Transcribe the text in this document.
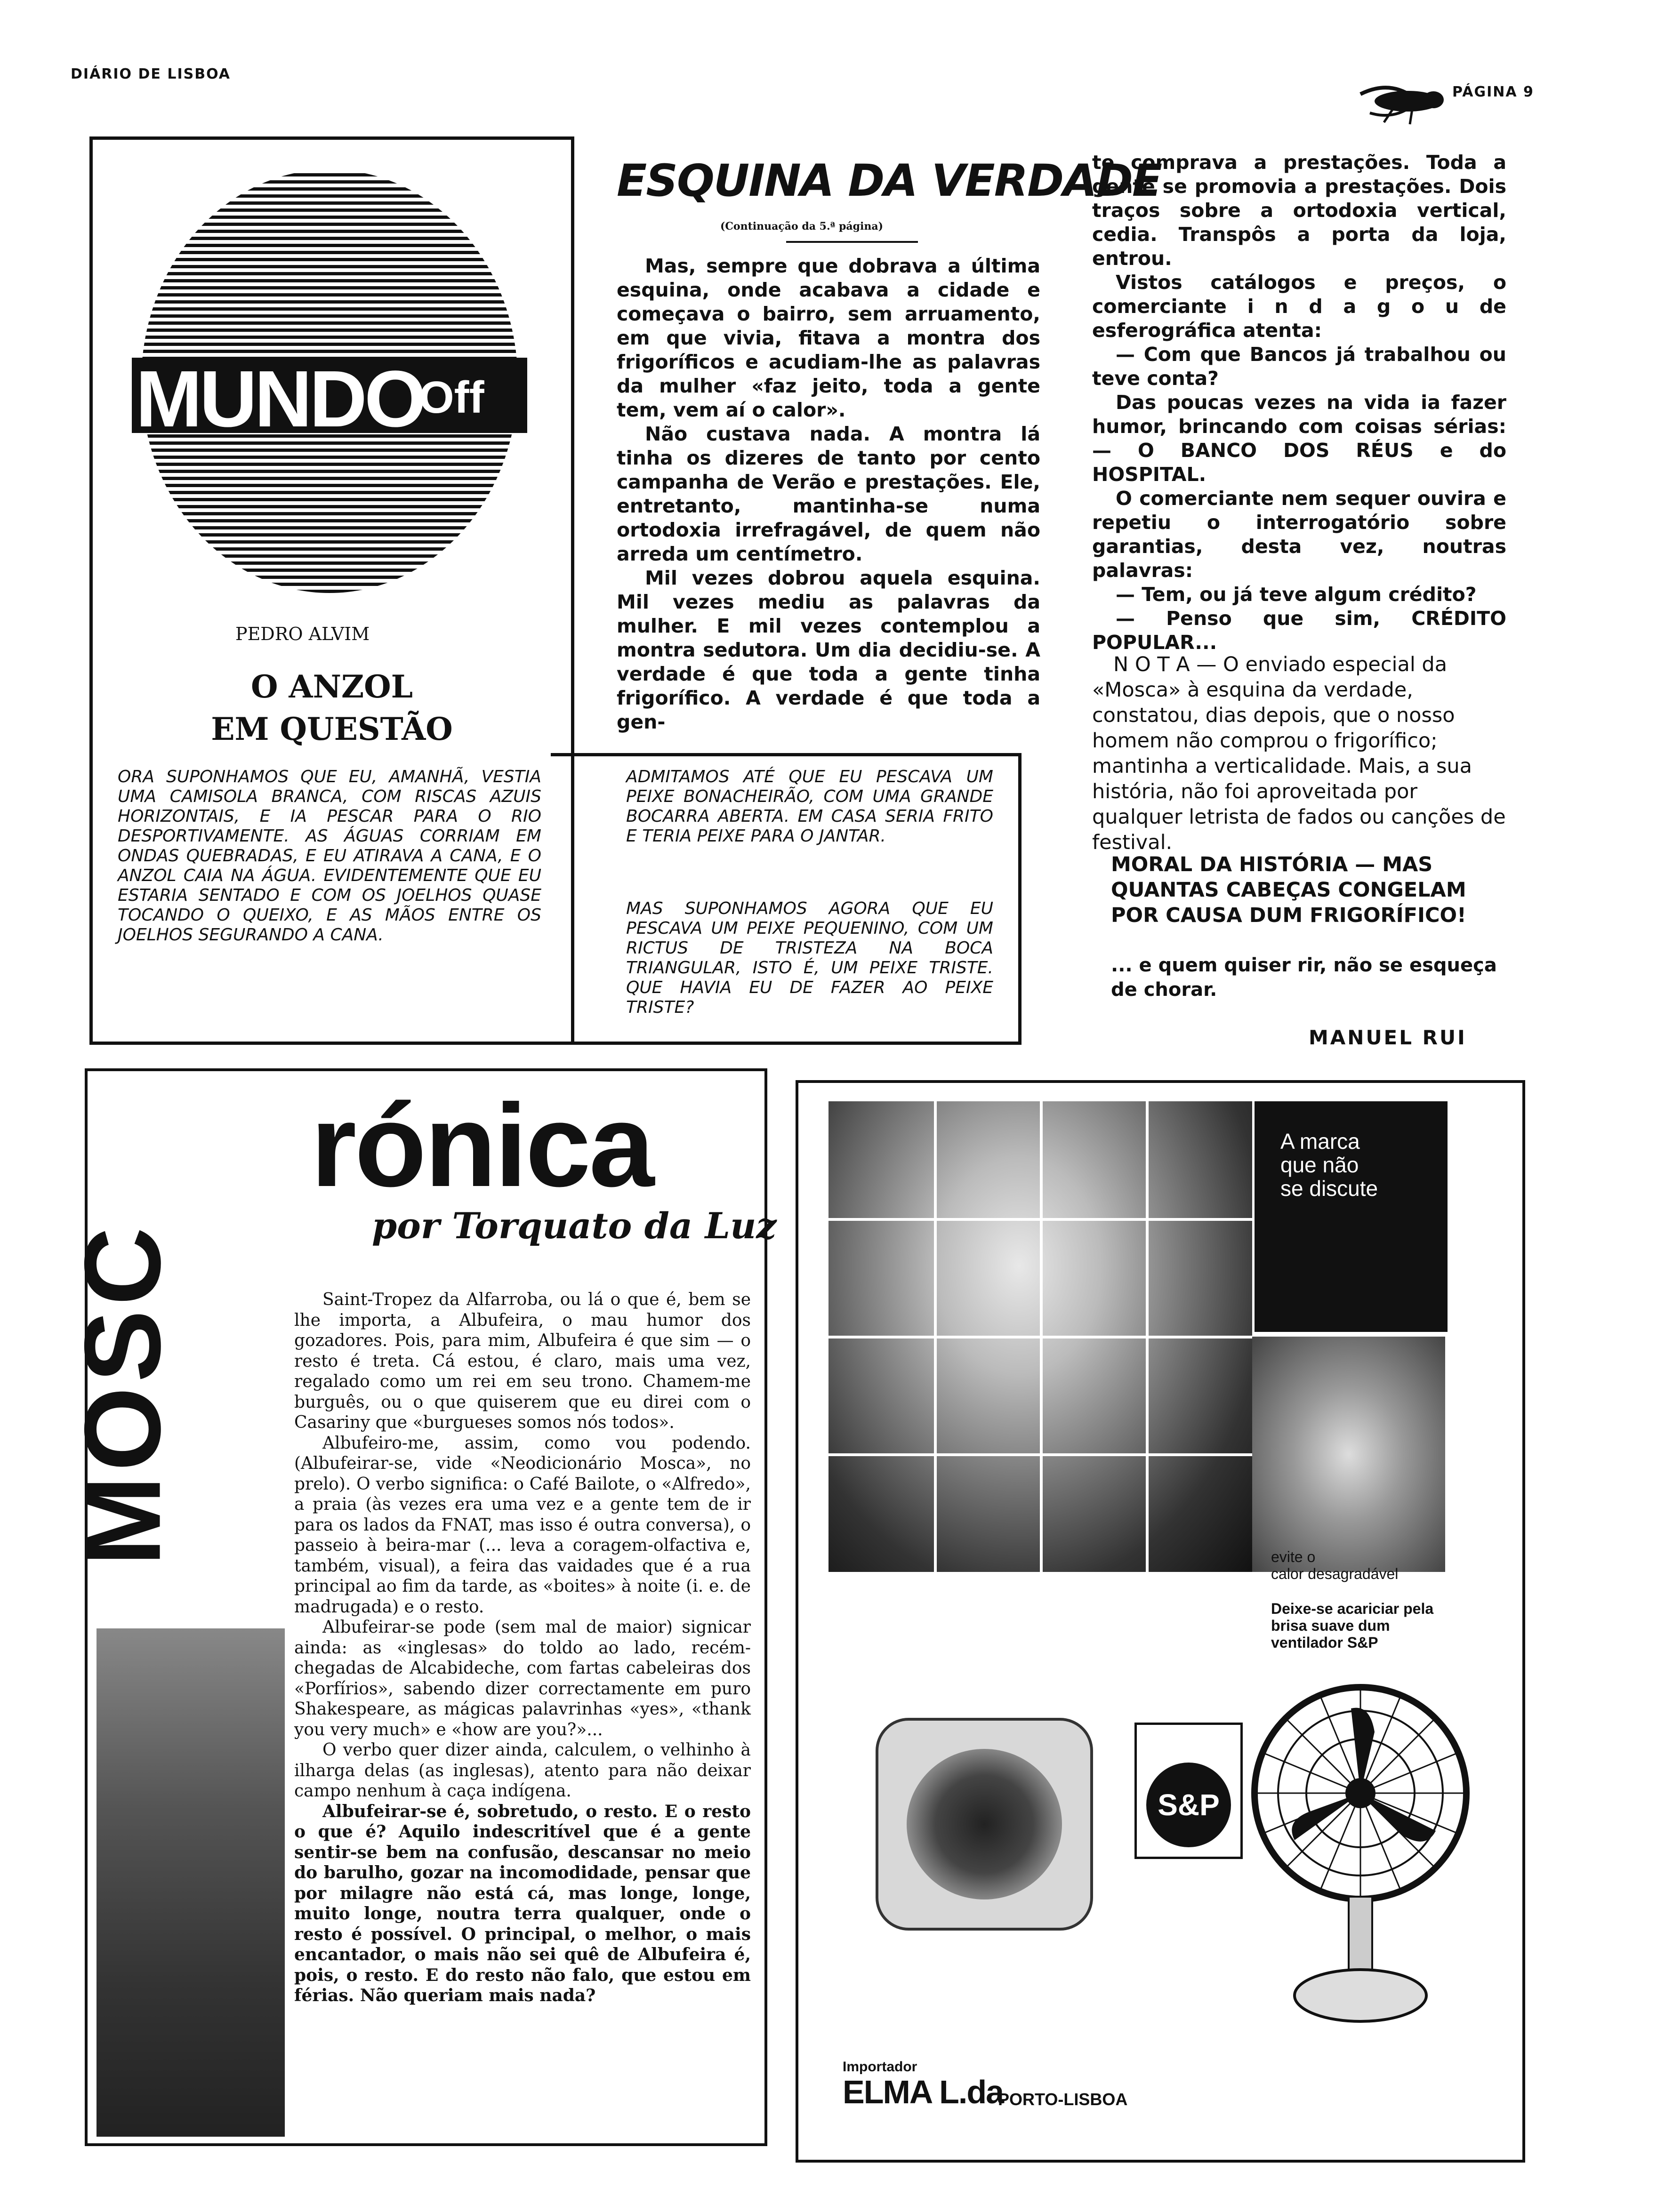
DIÁRIO DE LISBOA
PÁGINA 9
MUNDO
Off
PEDRO ALVIM
O ANZOL
EM QUESTÃO
ORA SUPONHAMOS QUE EU, AMANHÃ, VESTIA UMA CAMISOLA BRANCA, COM RISCAS AZUIS HORIZONTAIS, E IA PESCAR PARA O RIO DESPORTIVAMENTE. AS ÁGUAS CORRIAM EM ONDAS QUEBRADAS, E EU ATIRAVA A CANA, E O ANZOL CAIA NA ÁGUA. EVIDENTEMENTE QUE EU ESTARIA SENTADO E COM OS JOELHOS QUASE TOCANDO O QUEIXO, E AS MÃOS ENTRE OS JOELHOS SEGURANDO A CANA.
ADMITAMOS ATÉ QUE EU PESCAVA UM PEIXE BONACHEIRÃO, COM UMA GRANDE BOCARRA ABERTA. EM CASA SERIA FRITO E TERIA PEIXE PARA O JANTAR.
MAS SUPONHAMOS AGORA QUE EU PESCAVA UM PEIXE PEQUENINO, COM UM RICTUS DE TRISTEZA NA BOCA TRIANGULAR, ISTO É, UM PEIXE TRISTE. QUE HAVIA EU DE FAZER AO PEIXE TRISTE?
ESQUINA DA VERDADE
(Continuação da 5.ª página)

Mas, sempre que dobrava a última esquina, onde acabava a cidade e começava o bairro, sem arruamento, em que vivia, fitava a montra dos frigoríficos e acudiam-lhe as palavras da mulher «faz jeito, toda a gente tem, vem aí o calor».

Não custava nada. A montra lá tinha os dizeres de tanto por cento campanha de Verão e prestações. Ele, entretanto, mantinha-se numa ortodoxia irrefragável, de quem não arreda um centímetro.

Mil vezes dobrou aquela esquina. Mil vezes mediu as palavras da mulher. E mil vezes contemplou a montra sedutora. Um dia decidiu-se. A verdade é que toda a gente tinha frigorífico. A verdade é que toda a gen-

te comprava a prestações. Toda a gente se promovia a prestações. Dois traços sobre a ortodoxia vertical, cedia. Transpôs a porta da loja, entrou.

Vistos catálogos e preços, o comerciante i n d a g o u de esferográfica atenta:

— Com que Bancos já trabalhou ou teve conta?

Das poucas vezes na vida ia fazer humor, brincando com coisas sérias: — O BANCO DOS RÉUS e do HOSPITAL.

O comerciante nem sequer ouvira e repetiu o interrogatório sobre garantias, desta vez, noutras palavras:

— Tem, ou já teve algum crédito?

— Penso que sim, CRÉDITO POPULAR...

N O T A — O enviado especial da «Mosca» à esquina da verdade, constatou, dias depois, que o nosso homem não comprou o frigorífico; mantinha a verticalidade. Mais, a sua história, não foi aproveitada por qualquer letrista de fados ou canções de festival.
MORAL DA HISTÓRIA — MAS QUANTAS CABEÇAS CONGELAM POR CAUSA DUM FRIGORÍFICO!
... e quem quiser rir, não se esqueça de chorar.
MANUEL RUI
MOSC
rónica
por Torquato da Luz

Saint-Tropez da Alfarroba, ou lá o que é, bem se lhe importa, a Albufeira, o mau humor dos gozadores. Pois, para mim, Albufeira é que sim — o resto é treta. Cá estou, é claro, mais uma vez, regalado como um rei em seu trono. Chamem-me burguês, ou o que quiserem que eu direi com o Casariny que «burgueses somos nós todos».

Albufeiro-me, assim, como vou podendo. (Albufeirar-se, vide «Neodicionário Mosca», no prelo). O verbo significa: o Café Bailote, o «Alfredo», a praia (às vezes era uma vez e a gente tem de ir para os lados da FNAT, mas isso é outra conversa), o passeio à beira-mar (... leva a coragem-olfactiva e, também, visual), a feira das vaidades que é a rua principal ao fim da tarde, as «boites» à noite (i. e. de madrugada) e o resto.

Albufeirar-se pode (sem mal de maior) signicar ainda: as «inglesas» do toldo ao lado, recém-chegadas de Alcabideche, com fartas cabeleiras dos «Porfírios», sabendo dizer correctamente em puro Shakespeare, as mágicas palavrinhas «yes», «thank you very much» e «how are you?»...

O verbo quer dizer ainda, calculem, o velhinho à ilharga delas (as inglesas), atento para não deixar campo nenhum à caça indígena.

Albufeirar-se é, sobretudo, o resto. E o resto o que é? Aquilo indescritível que é a gente sentir-se bem na confusão, descansar no meio do barulho, gozar na incomodidade, pensar que por milagre não está cá, mas longe, longe, muito longe, noutra terra qualquer, onde o resto é possível. O principal, o melhor, o mais encantador, o mais não sei quê de Albufeira é, pois, o resto. E do resto não falo, que estou em férias. Não queriam mais nada?

A marca
que não
se discute
evite o
calor desagradável
Deixe-se acariciar pela
brisa suave dum
ventilador S&P
S&P
Importador
ELMA L.da
PORTO-LISBOA
